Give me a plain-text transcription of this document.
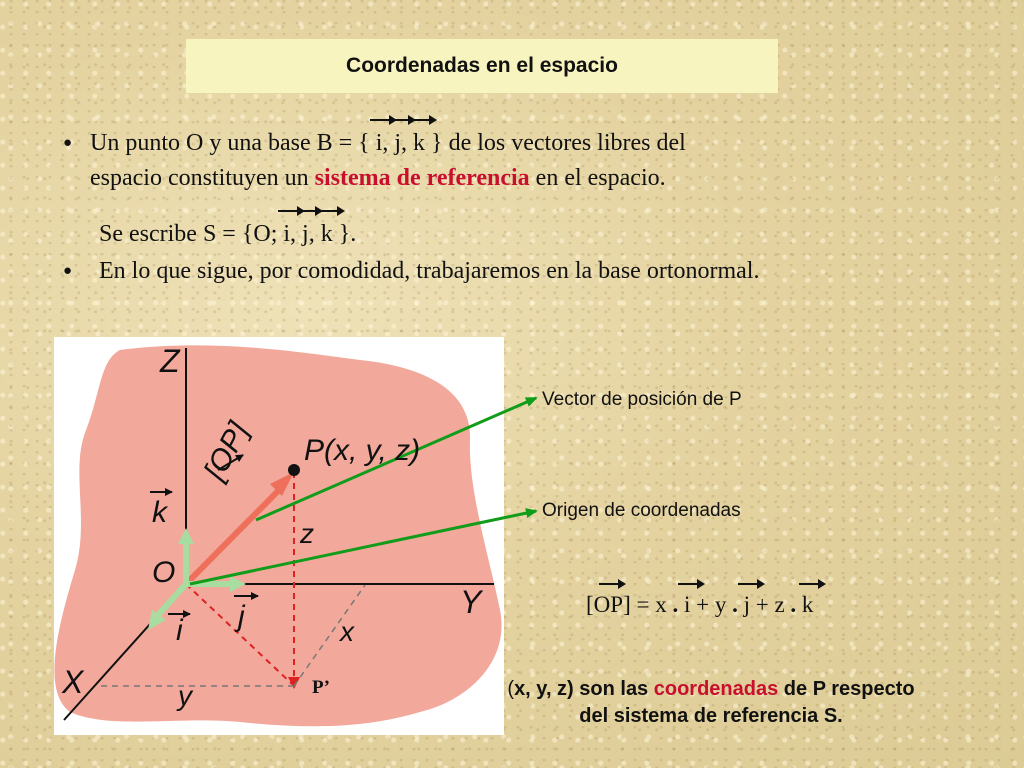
Coordenadas en el espacio
● Un punto O y una base B = { i, j, k } de los vectores libres del
espacio constituyen un sistema de referencia en el espacio.
Se escribe S = {O; i, j, k }.
● En lo que sigue, por comodidad, trabajaremos en la base ortonormal.
Z
Y
X
O
P(x, y, z)
[OP]
k
i j
z
x
y	P’
Vector de posición de P
Origen de coordenadas
[OP] = x . i + y . j + z . k
(x, y, z) son las coordenadas de P respecto
del sistema de referencia S.
